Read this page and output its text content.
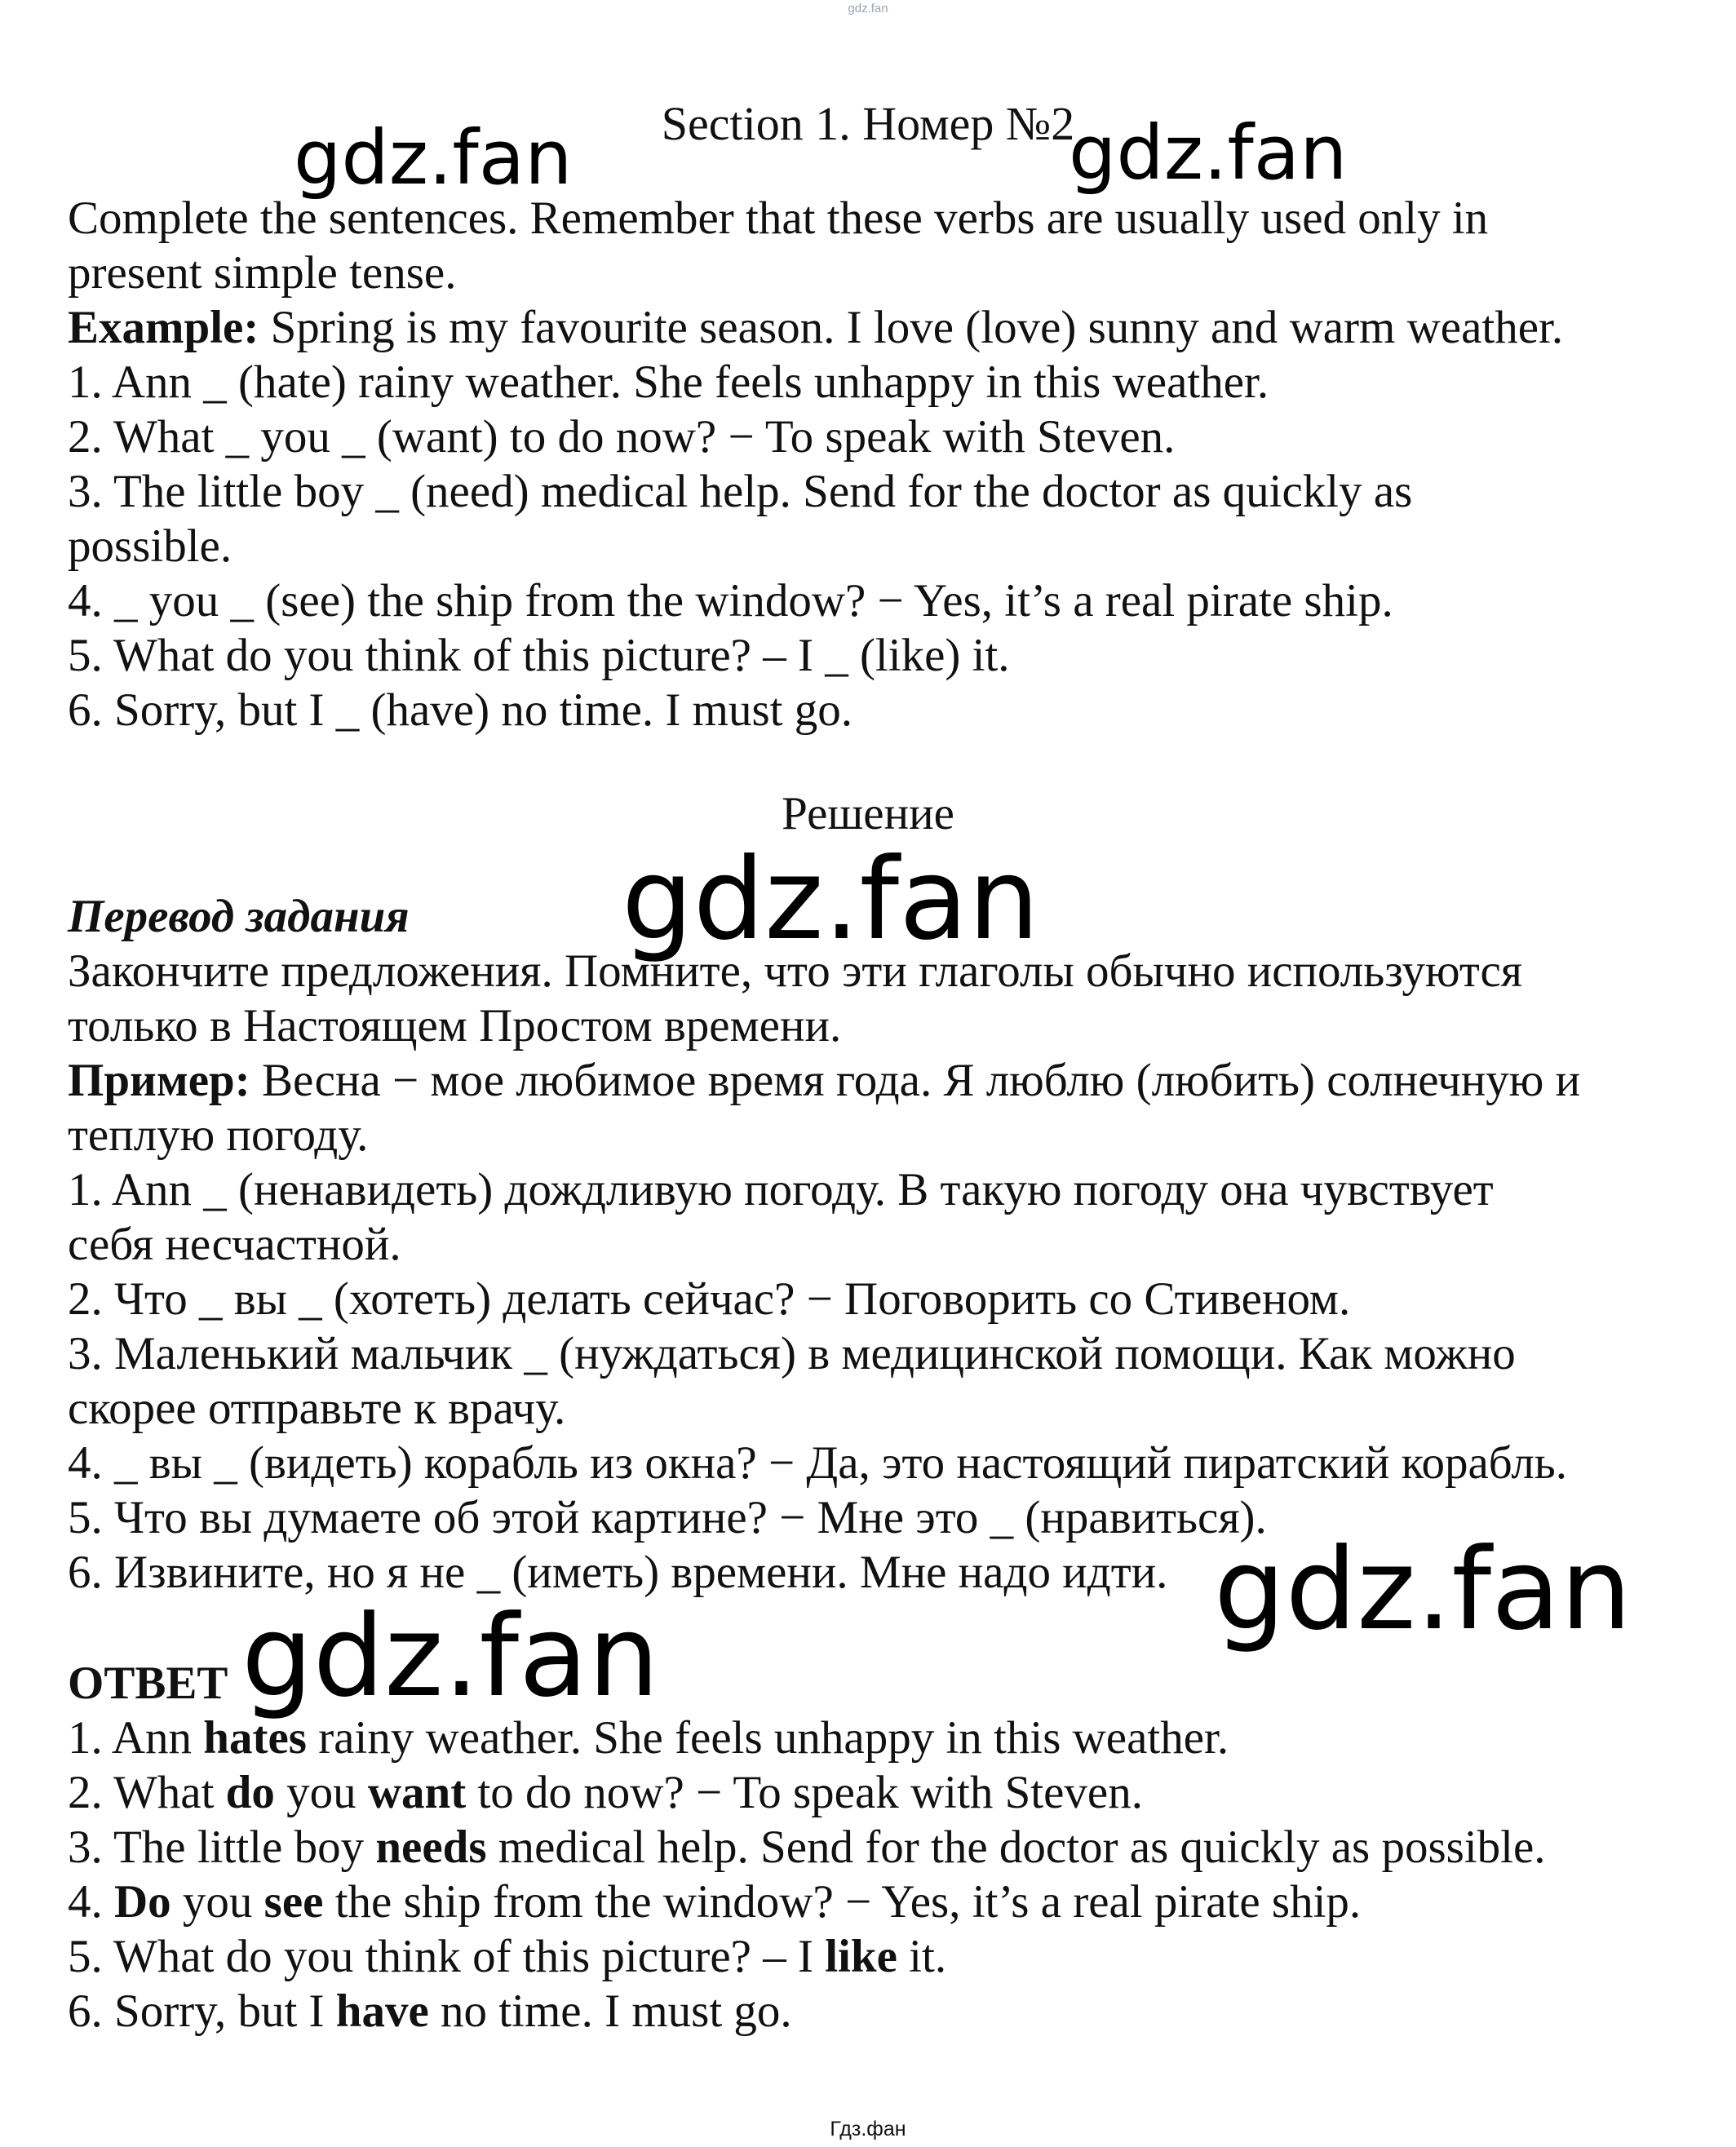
gdz.fan
Section 1. Номер №2
Complete the sentences. Remember that these verbs are usually used only in
present simple tense.
Example: Spring is my favourite season. I love (love) sunny and warm weather.
1. Ann _ (hate) rainy weather. She feels unhappy in this weather.
2. What _ you _ (want) to do now? − To speak with Steven.
3. The little boy _ (need) medical help. Send for the doctor as quickly as
possible.
4. _ you _ (see) the ship from the window? − Yes, it’s a real pirate ship.
5. What do you think of this picture? – I _ (like) it.
6. Sorry, but I _ (have) no time. I must go.
Решение
Перевод задания
Закончите предложения. Помните, что эти глаголы обычно используются
только в Настоящем Простом времени.
Пример: Весна − мое любимое время года. Я люблю (любить) солнечную и
теплую погоду.
1. Ann _ (ненавидеть) дождливую погоду. В такую погоду она чувствует
себя несчастной.
2. Что _ вы _ (хотеть) делать сейчас? − Поговорить со Стивеном.
3. Маленький мальчик _ (нуждаться) в медицинской помощи. Как можно
скорее отправьте к врачу.
4. _ вы _ (видеть) корабль из окна? − Да, это настоящий пиратский корабль.
5. Что вы думаете об этой картине? − Мне это _ (нравиться).
6. Извините, но я не _ (иметь) времени. Мне надо идти.
ОТВЕТ
1. Ann hates rainy weather. She feels unhappy in this weather.
2. What do you want to do now? − To speak with Steven.
3. The little boy needs medical help. Send for the doctor as quickly as possible.
4. Do you see the ship from the window? − Yes, it’s a real pirate ship.
5. What do you think of this picture? – I like it.
6. Sorry, but I have no time. I must go.
gdz.fan	gdz.fan
gdz.fan
gdz.fan
gdz.fan
Гдз.фан
